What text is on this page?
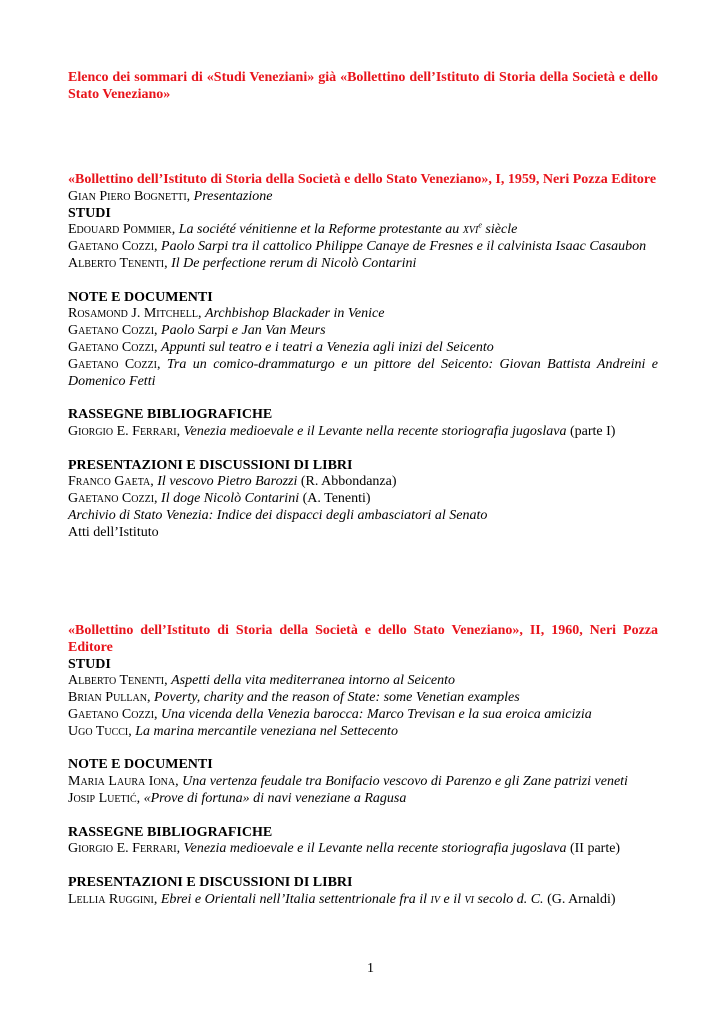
Elenco dei sommari di «Studi Veneziani» già «Bollettino dell’Istituto di Storia della Società e dello Stato Veneziano»
«Bollettino dell’Istituto di Storia della Società e dello Stato Veneziano», I, 1959, Neri Pozza Editore
Gian Piero Bognetti, Presentazione
STUDI
Edouard Pommier, La société vénitienne et la Reforme protestante au xvi$^e$ siècle
Gaetano Cozzi, Paolo Sarpi tra il cattolico Philippe Canaye de Fresnes e il calvinista Isaac Casaubon
Alberto Tenenti, Il De perfectione rerum di Nicolò Contarini
NOTE E DOCUMENTI
Rosamond J. Mitchell, Archbishop Blackader in Venice
Gaetano Cozzi, Paolo Sarpi e Jan Van Meurs
Gaetano Cozzi, Appunti sul teatro e i teatri a Venezia agli inizi del Seicento
Gaetano Cozzi, Tra un comico-drammaturgo e un pittore del Seicento: Giovan Battista Andreini e Domenico Fetti
RASSEGNE BIBLIOGRAFICHE
Giorgio E. Ferrari, Venezia medioevale e il Levante nella recente storiografia jugoslava (parte I)
PRESENTAZIONI E DISCUSSIONI DI LIBRI
Franco Gaeta, Il vescovo Pietro Barozzi (R. Abbondanza)
Gaetano Cozzi, Il doge Nicolò Contarini (A. Tenenti)
Archivio di Stato Venezia: Indice dei dispacci degli ambasciatori al Senato
Atti dell’Istituto
«Bollettino dell’Istituto di Storia della Società e dello Stato Veneziano», II, 1960, Neri Pozza Editore
STUDI
Alberto Tenenti, Aspetti della vita mediterranea intorno al Seicento
Brian Pullan, Poverty, charity and the reason of State: some Venetian examples
Gaetano Cozzi, Una vicenda della Venezia barocca: Marco Trevisan e la sua eroica amicizia
Ugo Tucci, La marina mercantile veneziana nel Settecento
NOTE E DOCUMENTI
Maria Laura Iona, Una vertenza feudale tra Bonifacio vescovo di Parenzo e gli Zane patrizi veneti
Josip Luetić, «Prove di fortuna» di navi veneziane a Ragusa
RASSEGNE BIBLIOGRAFICHE
Giorgio E. Ferrari, Venezia medioevale e il Levante nella recente storiografia jugoslava (II parte)
PRESENTAZIONI E DISCUSSIONI DI LIBRI
Lellia Ruggini, Ebrei e Orientali nell’Italia settentrionale fra il iv e il vi secolo d. C. (G. Arnaldi)
1
